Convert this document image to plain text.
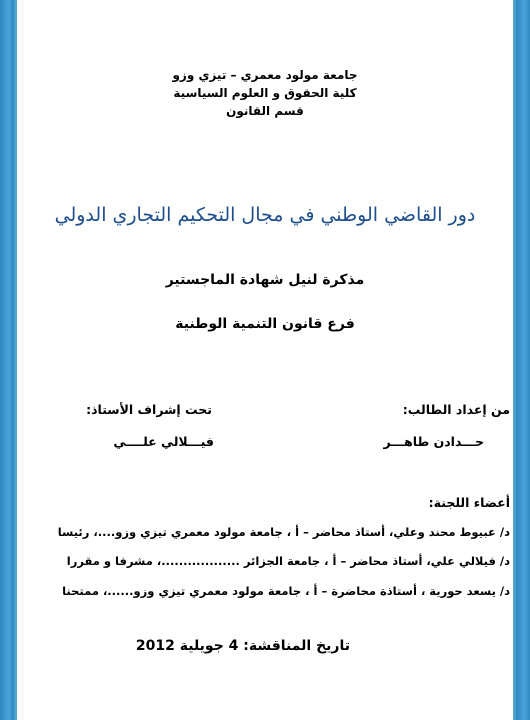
جامعة مولود معمري – تيزي وزو

كلية الحقوق و العلوم السياسية

قسم القانون

دور القاضي الوطني في مجال التحكيم التجاري الدولي

مذكرة لنيل شهادة الماجستير

فرع قانون التنمية الوطنية

من إعداد الطالب:

تحت إشراف الأستاذ:

حـــدادن طاهـــر

فيـــلالي علــــي

أعضاء اللجنة:

د/ عبيوط محند وعلي، أستاذ محاضر – أ ، جامعة مولود معمري تيزي وزو....، رئيسا

د/ فيلالي علي، أستاذ محاضر – أ ، جامعة الجزائر ..................، مشرفا و مقررا

د/ يسعد حورية ، أستاذة محاضرة – أ ، جامعة مولود معمري تيزي وزو......، ممتحنا

تاريخ المناقشة: 4 جويلية 2012
